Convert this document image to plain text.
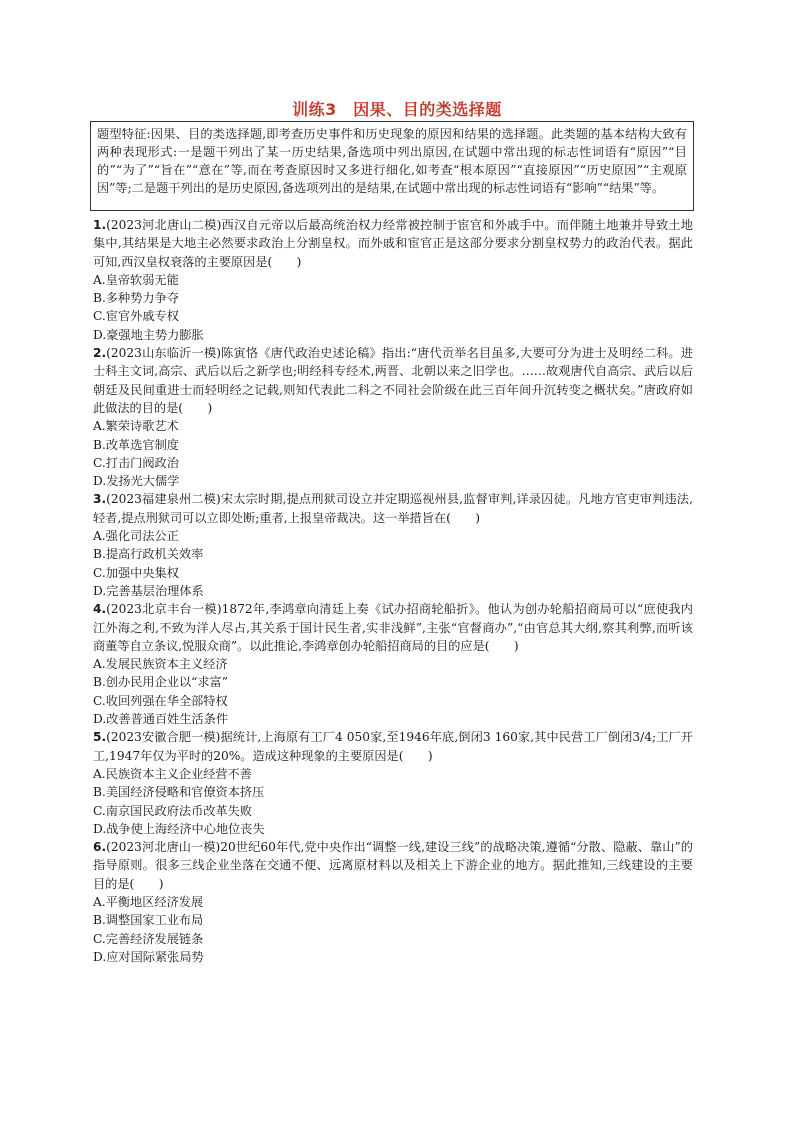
训练3　因果、目的类选择题
题型特征:因果、目的类选择题,即考查历史事件和历史现象的原因和结果的选择题。此类题的基本结构大致有两种表现形式:一是题干列出了某一历史结果,备选项中列出原因,在试题中常出现的标志性词语有“原因”“目的”“为了”“旨在”“意在”等,而在考查原因时又多进行细化,如考查“根本原因”“直接原因”“历史原因”“主观原因”等;二是题干列出的是历史原因,备选项列出的是结果,在试题中常出现的标志性词语有“影响”“结果”等。
1.(2023河北唐山二模)西汉自元帝以后最高统治权力经常被控制于宦官和外戚手中。而伴随土地兼并导致土地集中,其结果是大地主必然要求政治上分割皇权。而外戚和宦官正是这部分要求分割皇权势力的政治代表。据此可知,西汉皇权衰落的主要原因是(　　)
A.皇帝软弱无能
B.多种势力争夺
C.宦官外戚专权
D.豪强地主势力膨胀
2.(2023山东临沂一模)陈寅恪《唐代政治史述论稿》指出:“唐代贡举名目虽多,大要可分为进士及明经二科。进士科主文词,高宗、武后以后之新学也;明经科专经术,两晋、北朝以来之旧学也。……故观唐代自高宗、武后以后朝廷及民间重进士而轻明经之记载,则知代表此二科之不同社会阶级在此三百年间升沉转变之概状矣。”唐政府如此做法的目的是(　　)
A.繁荣诗歌艺术
B.改革选官制度
C.打击门阀政治
D.发扬光大儒学
3.(2023福建泉州二模)宋太宗时期,提点刑狱司设立并定期巡视州县,监督审判,详录囚徒。凡地方官吏审判违法,轻者,提点刑狱司可以立即处断;重者,上报皇帝裁决。这一举措旨在(　　)
A.强化司法公正
B.提高行政机关效率
C.加强中央集权
D.完善基层治理体系
4.(2023北京丰台一模)1872年,李鸿章向清廷上奏《试办招商轮船折》。他认为创办轮船招商局可以“庶使我内江外海之利,不致为洋人尽占,其关系于国计民生者,实非浅鲜”,主张“官督商办”,“由官总其大纲,察其利弊,而听该商董等自立条议,悦服众商”。以此推论,李鸿章创办轮船招商局的目的应是(　　)
A.发展民族资本主义经济
B.创办民用企业以“求富”
C.收回列强在华全部特权
D.改善普通百姓生活条件
5.(2023安徽合肥一模)据统计,上海原有工厂4 050家,至1946年底,倒闭3 160家,其中民营工厂倒闭3/4;工厂开工,1947年仅为平时的20%。造成这种现象的主要原因是(　　)
A.民族资本主义企业经营不善
B.美国经济侵略和官僚资本挤压
C.南京国民政府法币改革失败
D.战争使上海经济中心地位丧失
6.(2023河北唐山一模)20世纪60年代,党中央作出“调整一线,建设三线”的战略决策,遵循“分散、隐蔽、靠山”的指导原则。很多三线企业坐落在交通不便、远离原材料以及相关上下游企业的地方。据此推知,三线建设的主要目的是(　　)
A.平衡地区经济发展
B.调整国家工业布局
C.完善经济发展链条
D.应对国际紧张局势
